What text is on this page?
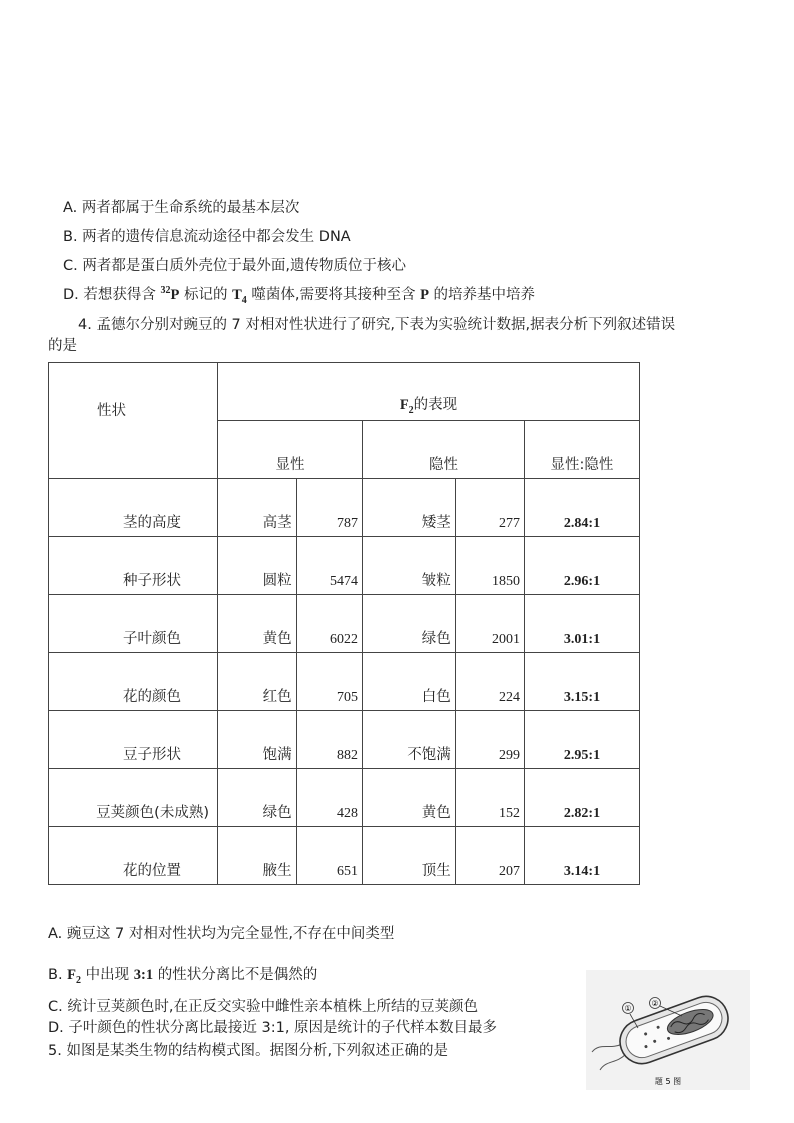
A. 两者都属于生命系统的最基本层次
B. 两者的遗传信息流动途径中都会发生 DNA
C. 两者都是蛋白质外壳位于最外面,遗传物质位于核心
D. 若想获得含 $^{32}$P 标记的 $T_4$ 噬菌体,需要将其接种至含 P 的培养基中培养
4. 孟德尔分别对豌豆的 7 对相对性状进行了研究,下表为实验统计数据,据表分析下列叙述错误
的是
性状	$F_2$的表现				
	显性		隐性		显性:隐性
茎的高度	高茎	787	矮茎	277	2.84:1
种子形状	圆粒	5474	皱粒	1850	2.96:1
子叶颜色	黄色	6022	绿色	2001	3.01:1
花的颜色	红色	705	白色	224	3.15:1
豆子形状	饱满	882	不饱满	299	2.95:1
豆荚颜色(未成熟)	绿色	428	黄色	152	2.82:1
花的位置	腋生	651	顶生	207	3.14:1
A. 豌豆这 7 对相对性状均为完全显性,不存在中间类型
B. $F_2$ 中出现 3:1 的性状分离比不是偶然的
C. 统计豆荚颜色时,在正反交实验中雌性亲本植株上所结的豆荚颜色
D. 子叶颜色的性状分离比最接近 3:1, 原因是统计的子代样本数目最多
5. 如图是某类生物的结构模式图。据图分析,下列叙述正确的是
①
②
题 5 图
